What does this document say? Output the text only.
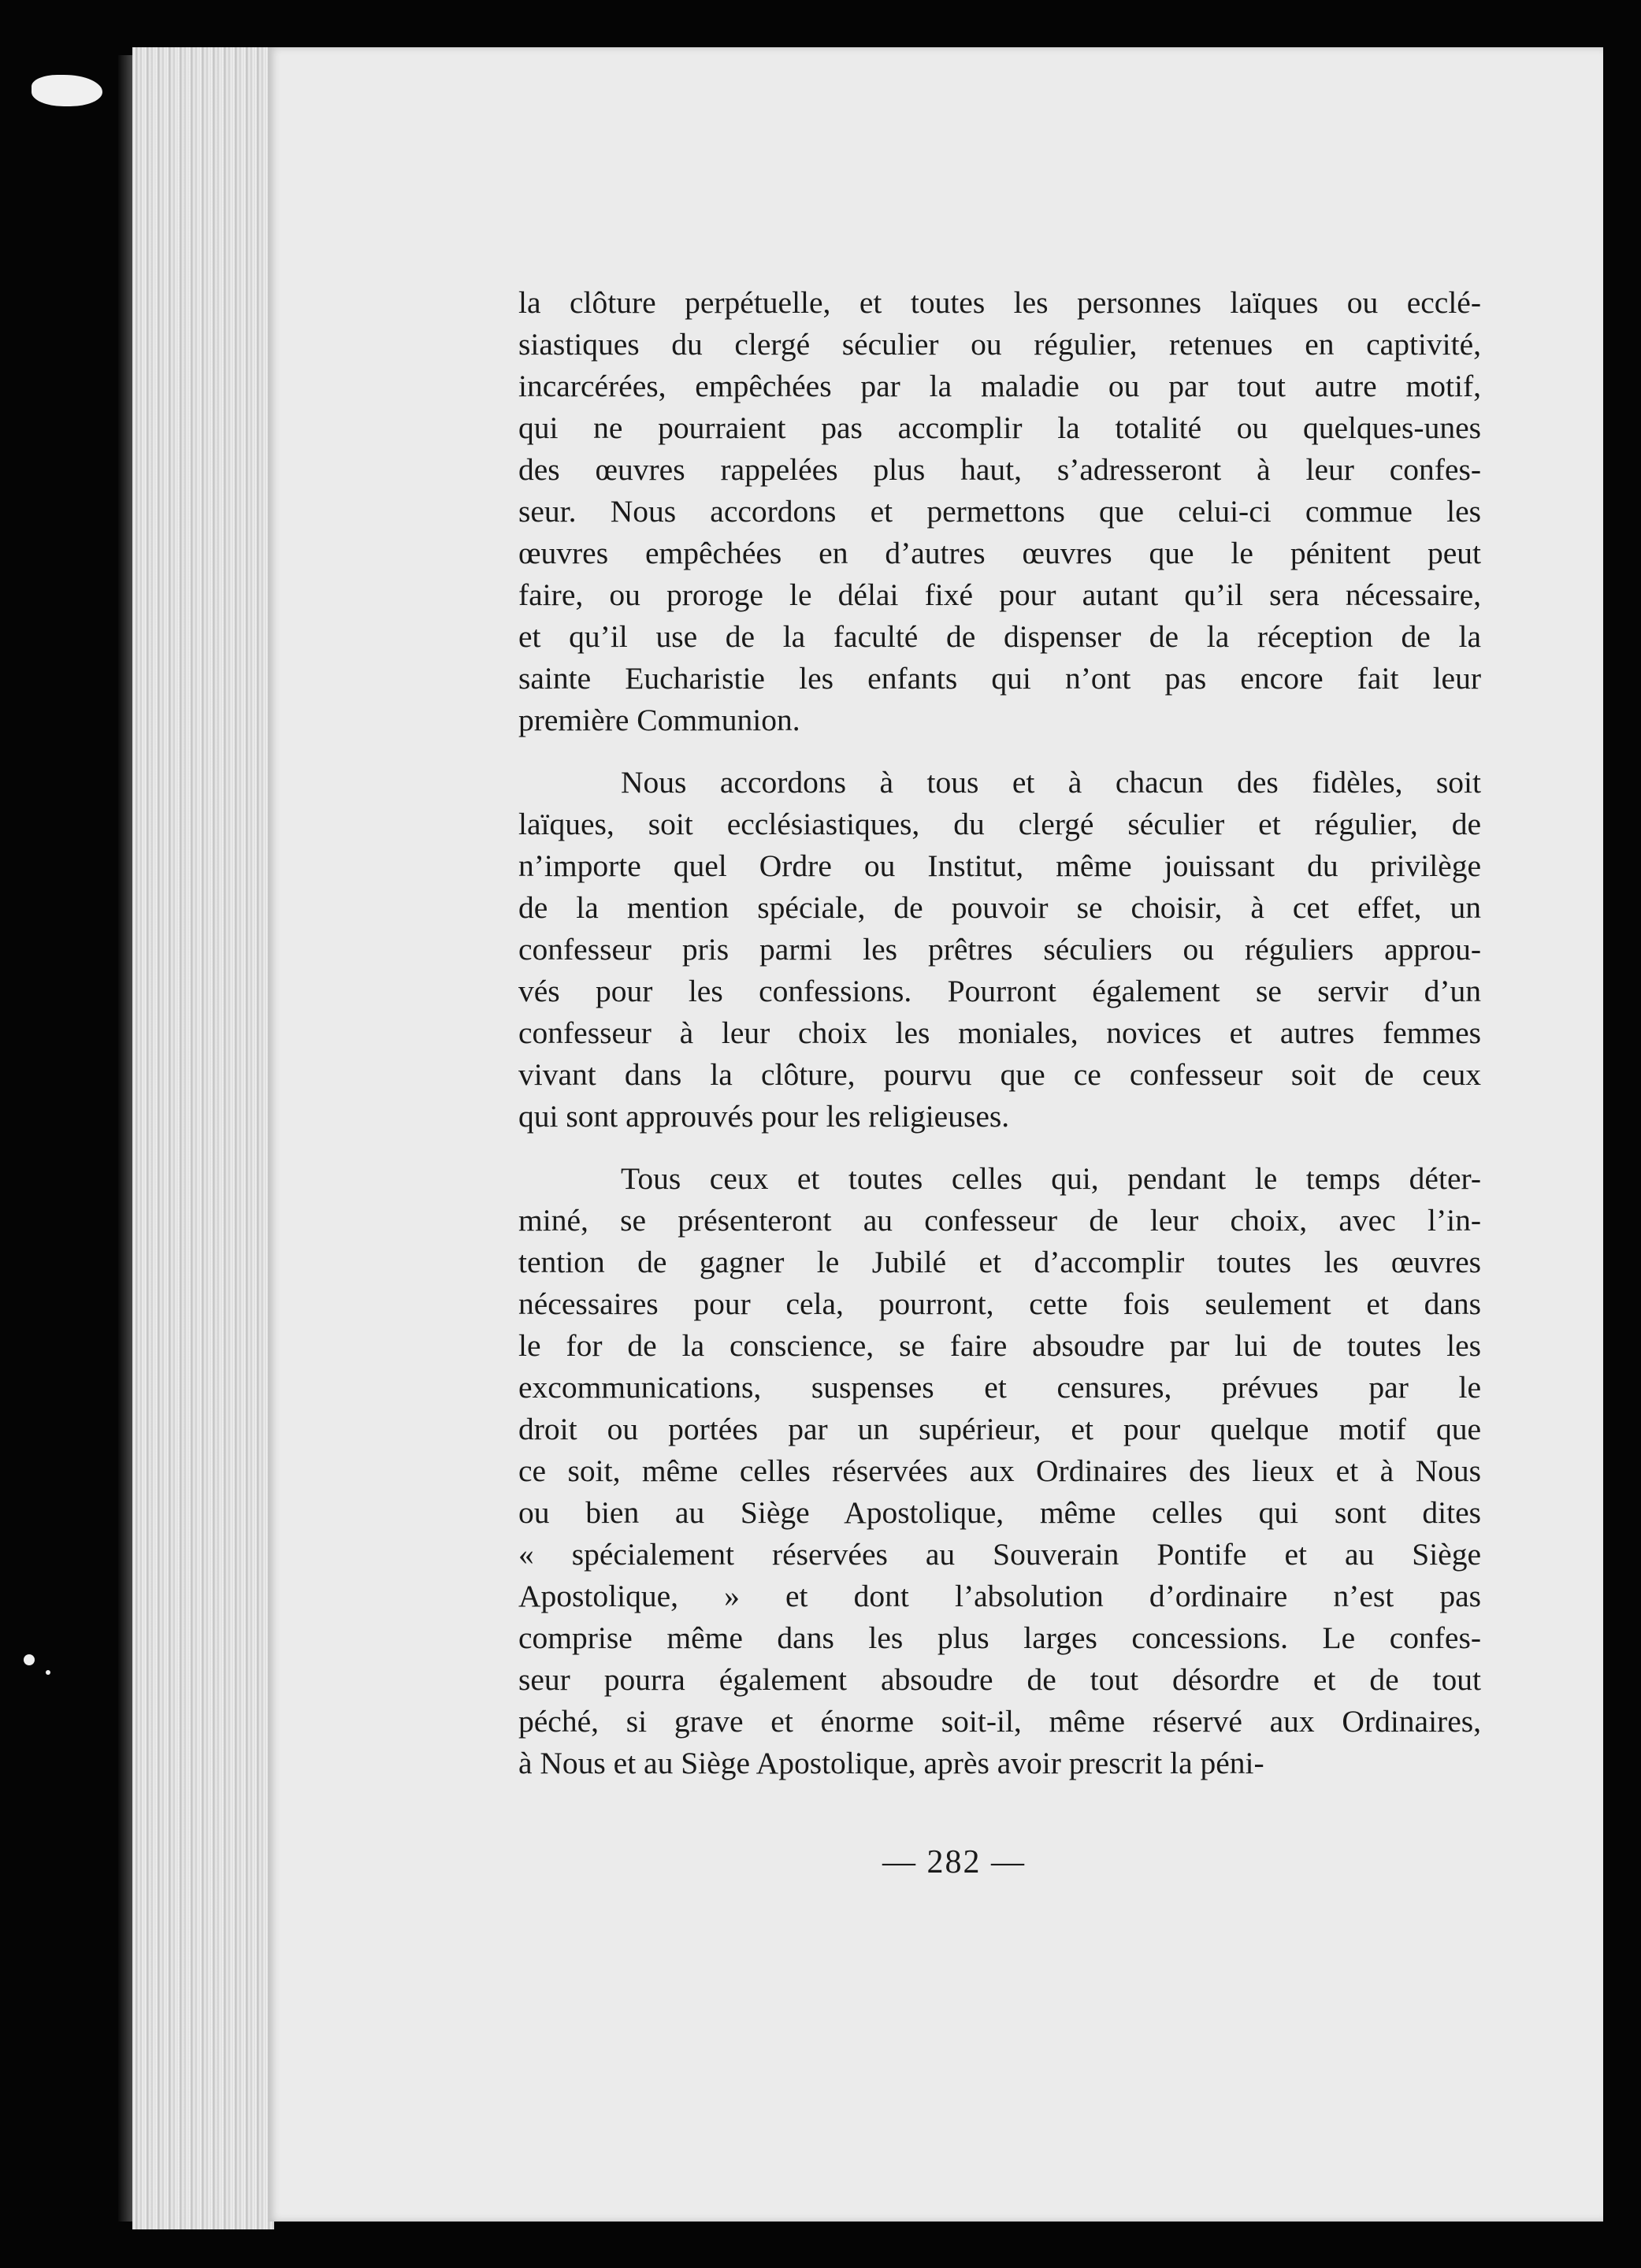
la clôture perpétuelle, et toutes les personnes laïques ou ecclé-
siastiques du clergé séculier ou régulier, retenues en captivité,
incarcérées, empêchées par la maladie ou par tout autre motif,
qui ne pourraient pas accomplir la totalité ou quelques-unes
des œuvres rappelées plus haut, s’adresseront à leur confes-
seur. Nous accordons et permettons que celui-ci commue les
œuvres empêchées en d’autres œuvres que le pénitent peut
faire, ou proroge le délai fixé pour autant qu’il sera nécessaire,
et qu’il use de la faculté de dispenser de la réception de la
sainte Eucharistie les enfants qui n’ont pas encore fait leur
première Communion.
Nous accordons à tous et à chacun des fidèles, soit
laïques, soit ecclésiastiques, du clergé séculier et régulier, de
n’importe quel Ordre ou Institut, même jouissant du privilège
de la mention spéciale, de pouvoir se choisir, à cet effet, un
confesseur pris parmi les prêtres séculiers ou réguliers approu-
vés pour les confessions. Pourront également se servir d’un
confesseur à leur choix les moniales, novices et autres femmes
vivant dans la clôture, pourvu que ce confesseur soit de ceux
qui sont approuvés pour les religieuses.
Tous ceux et toutes celles qui, pendant le temps déter-
miné, se présenteront au confesseur de leur choix, avec l’in-
tention de gagner le Jubilé et d’accomplir toutes les œuvres
nécessaires pour cela, pourront, cette fois seulement et dans
le for de la conscience, se faire absoudre par lui de toutes les
excommunications, suspenses et censures, prévues par le
droit ou portées par un supérieur, et pour quelque motif que
ce soit, même celles réservées aux Ordinaires des lieux et à Nous
ou bien au Siège Apostolique, même celles qui sont dites
« spécialement réservées au Souverain Pontife et au Siège
Apostolique, » et dont l’absolution d’ordinaire n’est pas
comprise même dans les plus larges concessions. Le confes-
seur pourra également absoudre de tout désordre et de tout
péché, si grave et énorme soit-il, même réservé aux Ordinaires,
à Nous et au Siège Apostolique, après avoir prescrit la péni-
— 282 —
